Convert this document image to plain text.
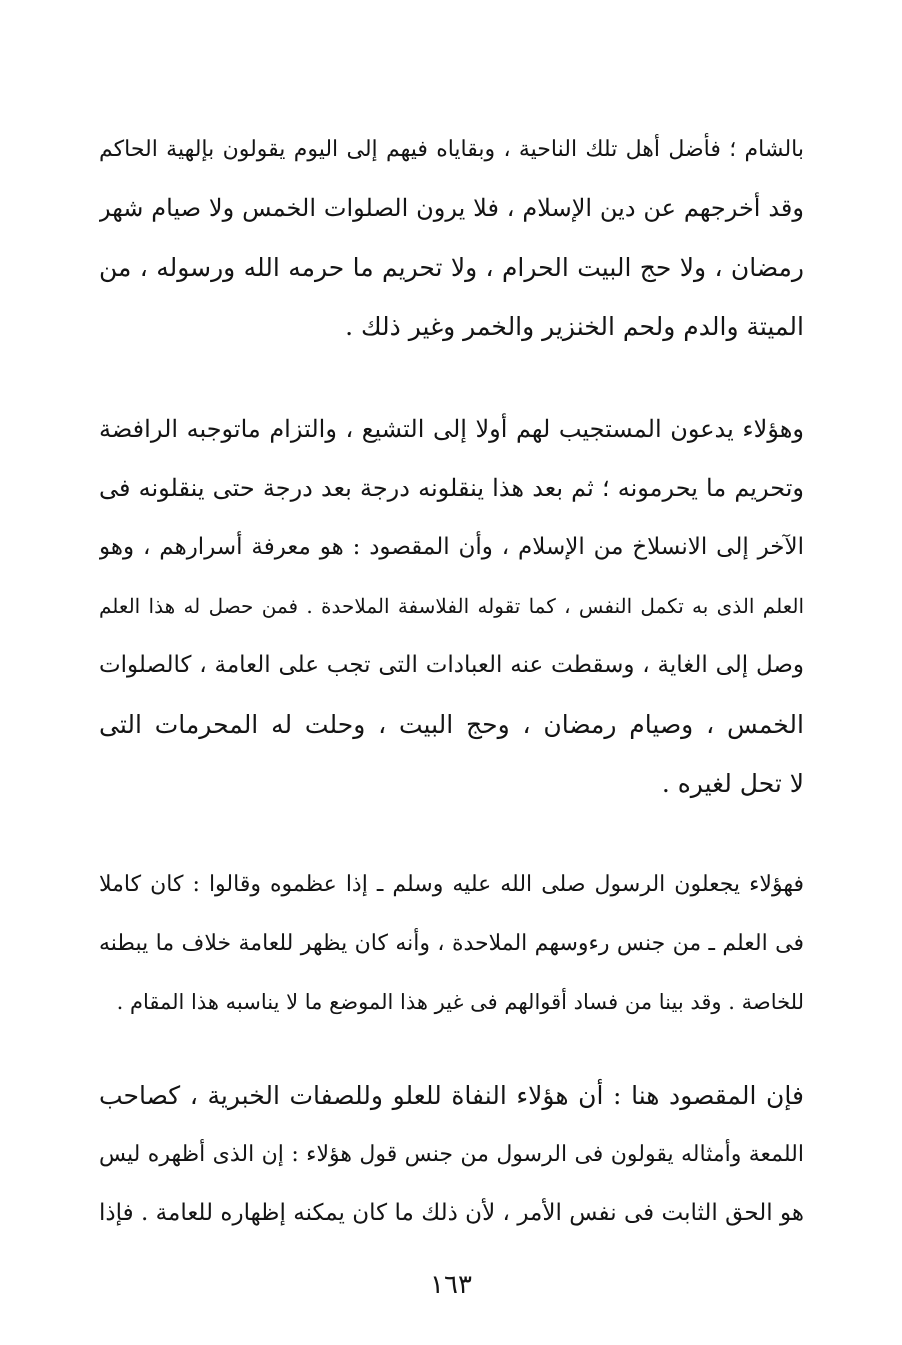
بالشام ؛ فأضل أهل تلك الناحية ، وبقاياه فيهم إلى اليوم يقولون بإلهية الحاكم
وقد أخرجهم عن دين الإسلام ، فلا يرون الصلوات الخمس ولا صيام شهر
رمضان ، ولا حج البيت الحرام ، ولا تحريم ما حرمه الله ورسوله ، من
الميتة والدم ولحم الخنزير والخمر وغير ذلك .
وهؤلاء يدعون المستجيب لهم أولا إلى التشيع ، والتزام ماتوجبه الرافضة
وتحريم ما يحرمونه ؛ ثم بعد هذا ينقلونه درجة بعد درجة حتى ينقلونه فى
الآخر إلى الانسلاخ من الإسلام ، وأن المقصود : هو معرفة أسرارهم ، وهو
العلم الذى به تكمل النفس ، كما تقوله الفلاسفة الملاحدة . فمن حصل له هذا العلم
وصل إلى الغاية ، وسقطت عنه العبادات التى تجب على العامة ، كالصلوات
الخمس ، وصيام رمضان ، وحج البيت ، وحلت له المحرمات التى
لا تحل لغيره .
فهؤلاء يجعلون الرسول صلى الله عليه وسلم ـ إذا عظموه وقالوا : كان كاملا
فى العلم ـ من جنس رءوسهم الملاحدة ، وأنه كان يظهر للعامة خلاف ما يبطنه
للخاصة . وقد بينا من فساد أقوالهم فى غير هذا الموضع ما لا يناسبه هذا المقام .
فإن المقصود هنا : أن هؤلاء النفاة للعلو وللصفات الخبرية ، كصاحب
اللمعة وأمثاله يقولون فى الرسول من جنس قول هؤلاء : إن الذى أظهره ليس
هو الحق الثابت فى نفس الأمر ، لأن ذلك ما كان يمكنه إظهاره للعامة . فإذا
١٦٣
